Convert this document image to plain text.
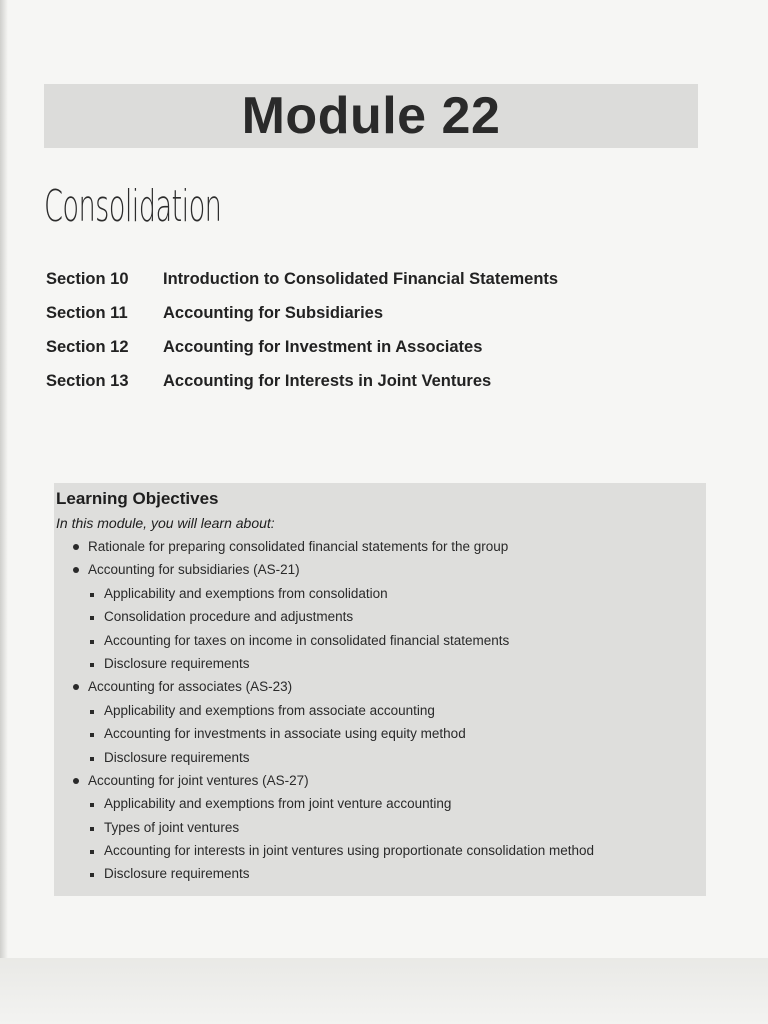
Module 22
Consolidation
Section 10	Introduction to Consolidated Financial Statements
Section 11	Accounting for Subsidiaries
Section 12	Accounting for Investment in Associates
Section 13	Accounting for Interests in Joint Ventures
Learning Objectives
In this module, you will learn about:
Rationale for preparing consolidated financial statements for the group
Accounting for subsidiaries (AS-21)
Applicability and exemptions from consolidation
Consolidation procedure and adjustments
Accounting for taxes on income in consolidated financial statements
Disclosure requirements
Accounting for associates (AS-23)
Applicability and exemptions from associate accounting
Accounting for investments in associate using equity method
Disclosure requirements
Accounting for joint ventures (AS-27)
Applicability and exemptions from joint venture accounting
Types of joint ventures
Accounting for interests in joint ventures using proportionate consolidation method
Disclosure requirements
